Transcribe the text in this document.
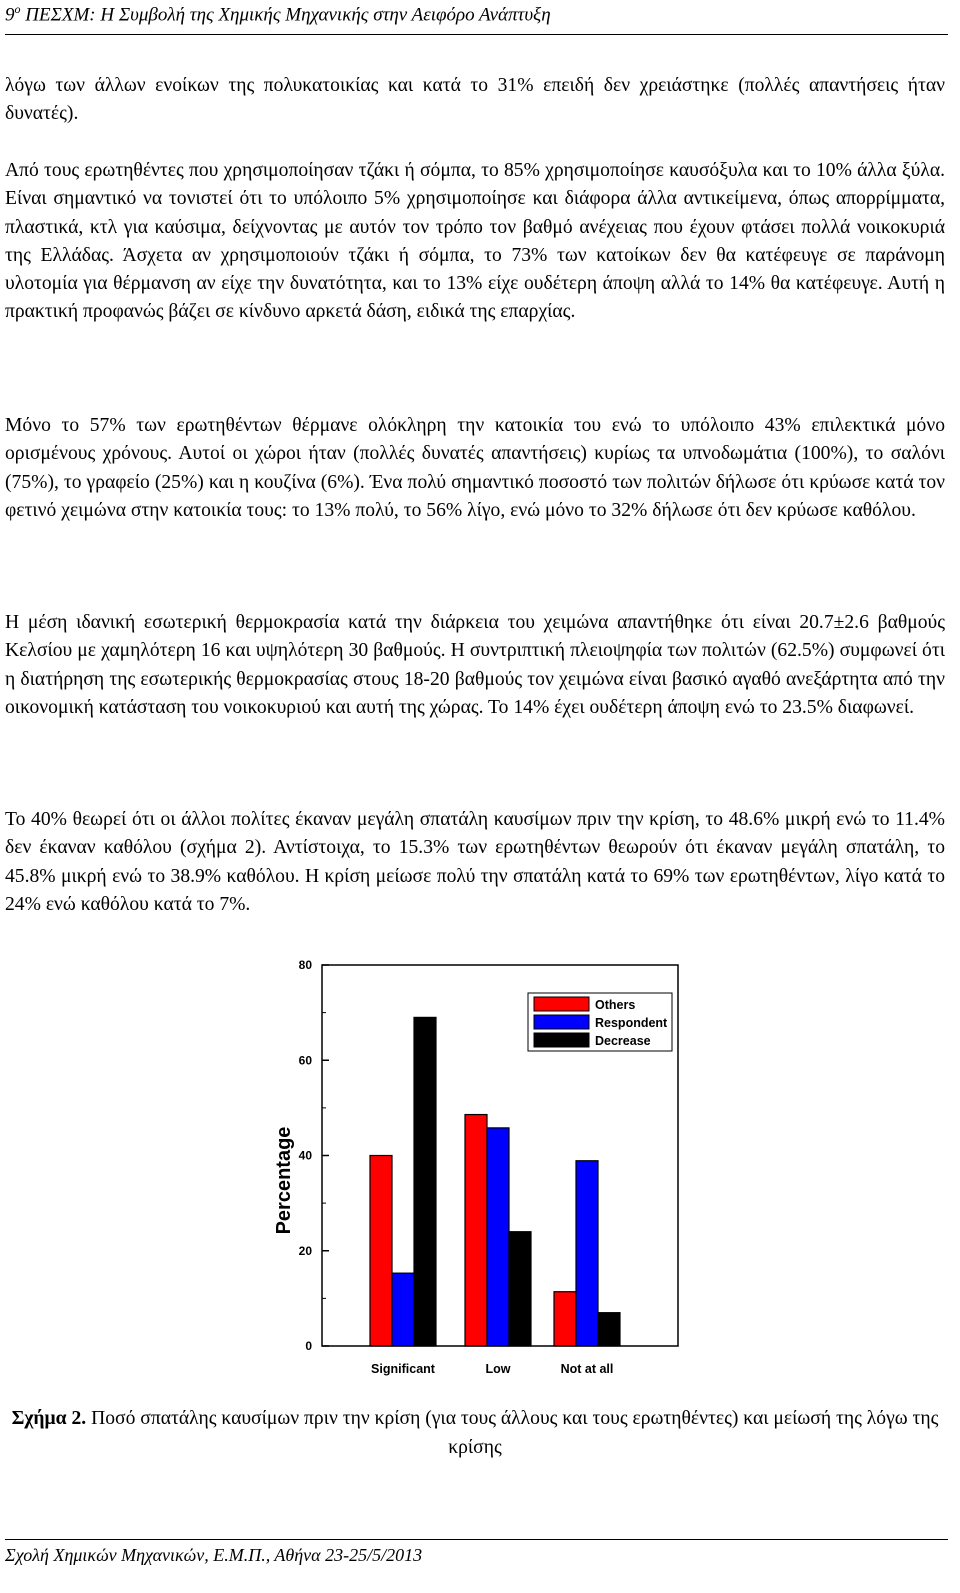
$9^o$ ΠΕΣΧΜ: Η Συμβολή της Χημικής Μηχανικής στην Αειφόρο Ανάπτυξη

λόγω των άλλων ενοίκων της πολυκατοικίας και κατά το 31% επειδή δεν χρειάστηκε (πολλές απαντήσεις ήταν δυνατές).

Από τους ερωτηθέντες που χρησιμοποίησαν τζάκι ή σόμπα, το 85% χρησιμοποίησε καυσόξυλα και το 10% άλλα ξύλα. Είναι σημαντικό να τονιστεί ότι το υπόλοιπο 5% χρησιμοποίησε και διάφορα άλλα αντικείμενα, όπως απορρίμματα, πλαστικά, κτλ για καύσιμα, δείχνοντας με αυτόν τον τρόπο τον βαθμό ανέχειας που έχουν φτάσει πολλά νοικοκυριά της Ελλάδας. Άσχετα αν χρησιμοποιούν τζάκι ή σόμπα, το 73% των κατοίκων δεν θα κατέφευγε σε παράνομη υλοτομία για θέρμανση αν είχε την δυνατότητα, και το 13% είχε ουδέτερη άποψη αλλά το 14% θα κατέφευγε. Αυτή η πρακτική προφανώς βάζει σε κίνδυνο αρκετά δάση, ειδικά της επαρχίας.

Μόνο το 57% των ερωτηθέντων θέρμανε ολόκληρη την κατοικία του ενώ το υπόλοιπο 43% επιλεκτικά μόνο ορισμένους χρόνους. Αυτοί οι χώροι ήταν (πολλές δυνατές απαντήσεις) κυρίως τα υπνοδωμάτια (100%), το σαλόνι (75%), το γραφείο (25%) και η κουζίνα (6%). Ένα πολύ σημαντικό ποσοστό των πολιτών δήλωσε ότι κρύωσε κατά τον φετινό χειμώνα στην κατοικία τους: το 13% πολύ, το 56% λίγο, ενώ μόνο το 32% δήλωσε ότι δεν κρύωσε καθόλου.

Η μέση ιδανική εσωτερική θερμοκρασία κατά την διάρκεια του χειμώνα απαντήθηκε ότι είναι 20.7±2.6 βαθμούς Κελσίου με χαμηλότερη 16 και υψηλότερη 30 βαθμούς. Η συντριπτική πλειοψηφία των πολιτών (62.5%) συμφωνεί ότι η διατήρηση της εσωτερικής θερμοκρασίας στους 18-20 βαθμούς τον χειμώνα είναι βασικό αγαθό ανεξάρτητα από την οικονομική κατάσταση του νοικοκυριού και αυτή της χώρας. Το 14% έχει ουδέτερη άποψη ενώ το 23.5% διαφωνεί.

Το 40% θεωρεί ότι οι άλλοι πολίτες έκαναν μεγάλη σπατάλη καυσίμων πριν την κρίση, το 48.6% μικρή ενώ το 11.4% δεν έκαναν καθόλου (σχήμα 2). Αντίστοιχα, το 15.3% των ερωτηθέντων θεωρούν ότι έκαναν μεγάλη σπατάλη, το 45.8% μικρή ενώ το 38.9% καθόλου. Η κρίση μείωσε πολύ την σπατάλη κατά το 69% των ερωτηθέντων, λίγο κατά το 24% ενώ καθόλου κατά το 7%.

0
20
40
60
80
Percentage
Significant	Low	Not at all
Others
Respondent
Decrease
Σχήμα 2. Ποσό σπατάλης καυσίμων πριν την κρίση (για τους άλλους και τους ερωτηθέντες) και μείωσή της λόγω της κρίσης
Σχολή Χημικών Μηχανικών, Ε.Μ.Π., Αθήνα 23-25/5/2013
